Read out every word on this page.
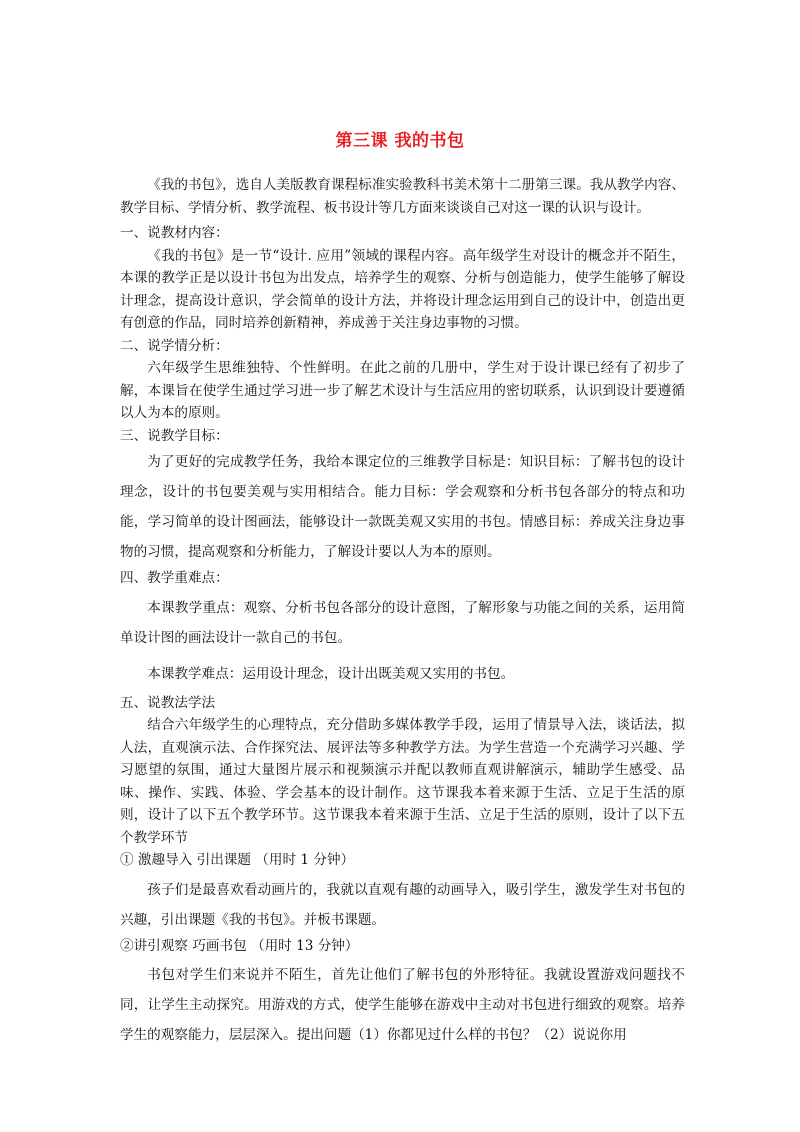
第三课 我的书包

《我的书包》，选自人美版教育课程标准实验教科书美术第十二册第三课。我从教学内容、教学目标、学情分析、教学流程、板书设计等几方面来谈谈自己对这一课的认识与设计。

一、说教材内容：

《我的书包》是一节“设计. 应用”领域的课程内容。高年级学生对设计的概念并不陌生，本课的教学正是以设计书包为出发点，培养学生的观察、分析与创造能力，使学生能够了解设计理念，提高设计意识，学会简单的设计方法，并将设计理念运用到自己的设计中，创造出更有创意的作品，同时培养创新精神，养成善于关注身边事物的习惯。

二、说学情分析：

六年级学生思维独特、个性鲜明。在此之前的几册中，学生对于设计课已经有了初步了解，本课旨在使学生通过学习进一步了解艺术设计与生活应用的密切联系，认识到设计要遵循以人为本的原则。

三、说教学目标：

为了更好的完成教学任务，我给本课定位的三维教学目标是：知识目标：了解书包的设计理念，设计的书包要美观与实用相结合。能力目标：学会观察和分析书包各部分的特点和功能，学习简单的设计图画法，能够设计一款既美观又实用的书包。情感目标：养成关注身边事物的习惯，提高观察和分析能力，了解设计要以人为本的原则。

四、教学重难点：

本课教学重点：观察、分析书包各部分的设计意图，了解形象与功能之间的关系，运用简单设计图的画法设计一款自己的书包。

本课教学难点：运用设计理念，设计出既美观又实用的书包。

五、说教法学法

结合六年级学生的心理特点，充分借助多媒体教学手段，运用了情景导入法，谈话法，拟人法，直观演示法、合作探究法、展评法等多种教学方法。为学生营造一个充满学习兴趣、学习愿望的氛围，通过大量图片展示和视频演示并配以教师直观讲解演示，辅助学生感受、品味、操作、实践、体验、学会基本的设计制作。这节课我本着来源于生活、立足于生活的原则，设计了以下五个教学环节。这节课我本着来源于生活、立足于生活的原则，设计了以下五个教学环节

① 激趣导入 引出课题 （用时 1 分钟）

孩子们是最喜欢看动画片的，我就以直观有趣的动画导入，吸引学生，激发学生对书包的兴趣，引出课题《我的书包》。并板书课题。

②讲引观察 巧画书包 （用时 13 分钟）

书包对学生们来说并不陌生，首先让他们了解书包的外形特征。我就设置游戏问题找不同，让学生主动探究。用游戏的方式，使学生能够在游戏中主动对书包进行细致的观察。培养学生的观察能力，层层深入。提出问题（1）你都见过什么样的书包？（2）说说你用
